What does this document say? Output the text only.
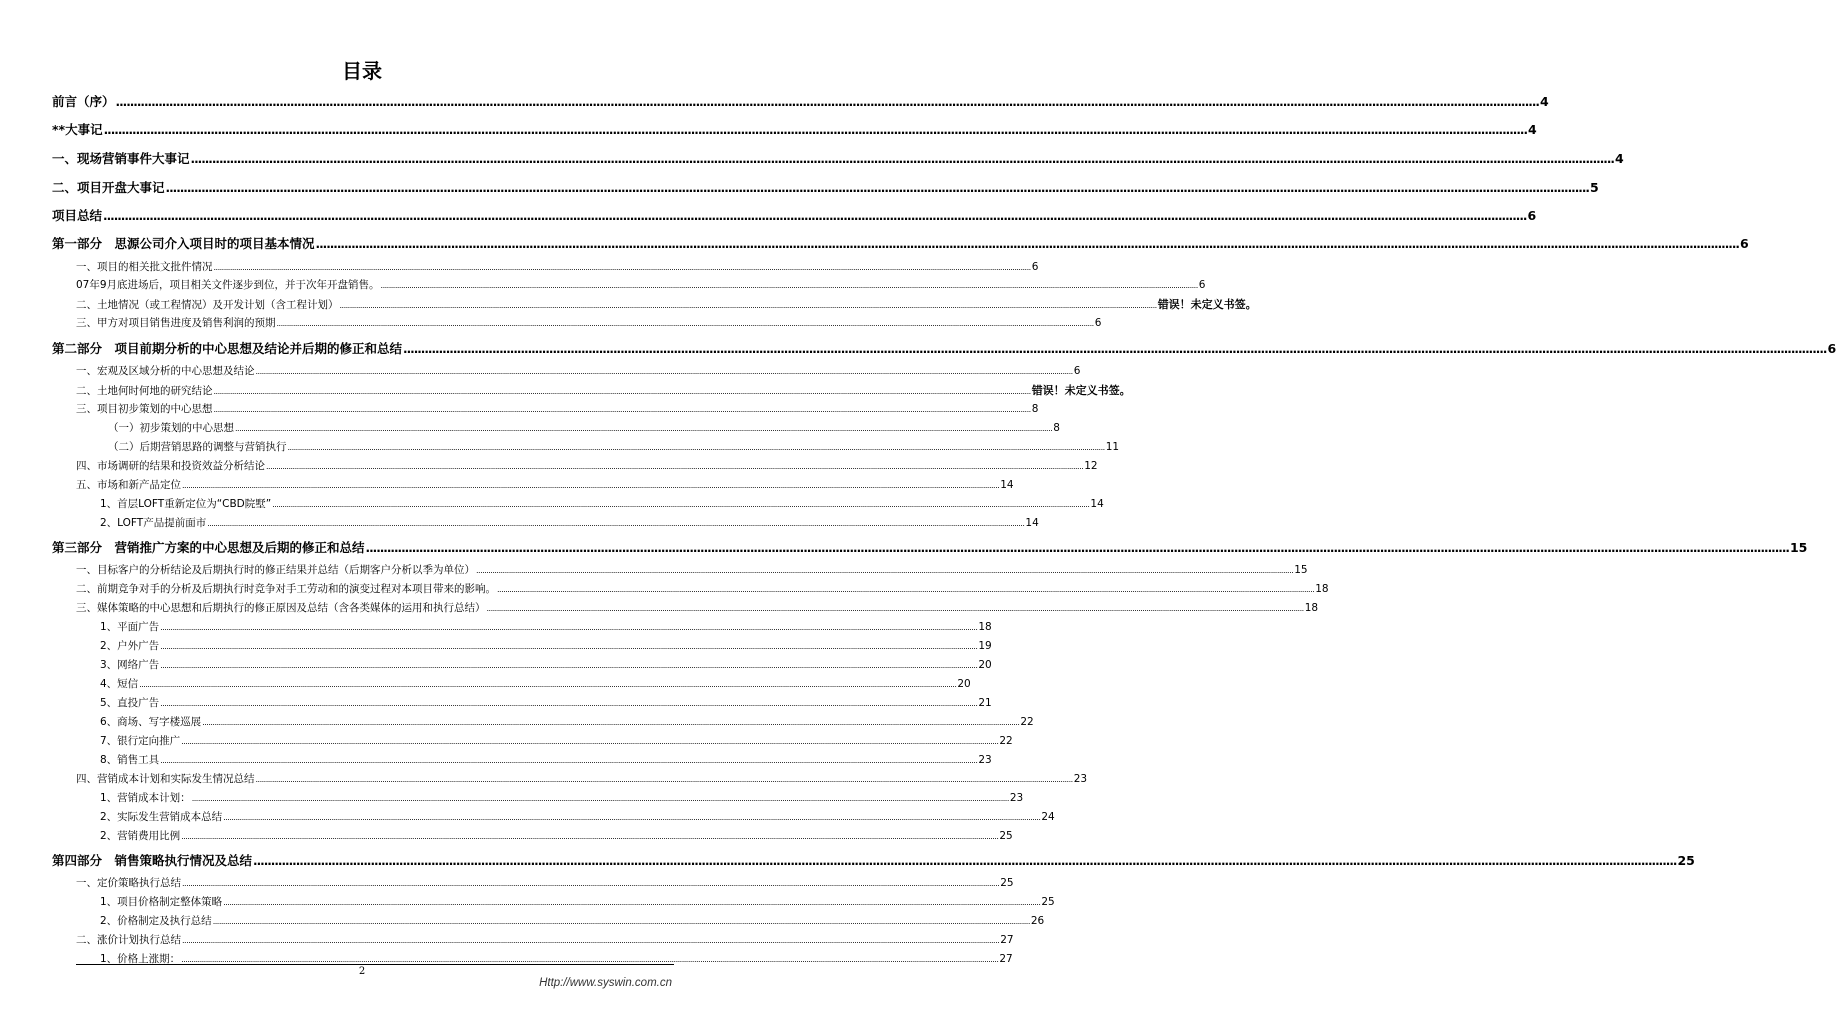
目录
前言（序） ................................................................................................................................................................................................................................................................................................................................................................................................................ 4
**大事记 ................................................................................................................................................................................................................................................................................................................................................................................................................ 4
一、现场营销事件大事记 ................................................................................................................................................................................................................................................................................................................................................................................................................ 4
二、项目开盘大事记 ................................................................................................................................................................................................................................................................................................................................................................................................................ 5
项目总结 ................................................................................................................................................................................................................................................................................................................................................................................................................ 6
第一部分　思源公司介入项目时的项目基本情况 ................................................................................................................................................................................................................................................................................................................................................................................................................ 6
一、项目的相关批文批件情况 ................................................................................................................................................................................................................................................................................................................................................................................................................ 6
07年9月底进场后，项目相关文件逐步到位，并于次年开盘销售。 ................................................................................................................................................................................................................................................................................................................................................................................................................ 6
二、土地情况（或工程情况）及开发计划（含工程计划） ................................................................................................................................................................................................................................................................................................................................................................................................................ 错误！未定义书签。
三、甲方对项目销售进度及销售利润的预期 ................................................................................................................................................................................................................................................................................................................................................................................................................ 6
第二部分　项目前期分析的中心思想及结论并后期的修正和总结 ................................................................................................................................................................................................................................................................................................................................................................................................................ 6
一、宏观及区域分析的中心思想及结论 ................................................................................................................................................................................................................................................................................................................................................................................................................ 6
二、土地何时何地的研究结论 ................................................................................................................................................................................................................................................................................................................................................................................................................ 错误！未定义书签。
三、项目初步策划的中心思想 ................................................................................................................................................................................................................................................................................................................................................................................................................ 8
（一）初步策划的中心思想 ................................................................................................................................................................................................................................................................................................................................................................................................................ 8
（二）后期营销思路的调整与营销执行 ................................................................................................................................................................................................................................................................................................................................................................................................................ 11
四、市场调研的结果和投资效益分析结论 ................................................................................................................................................................................................................................................................................................................................................................................................................ 12
五、市场和新产品定位 ................................................................................................................................................................................................................................................................................................................................................................................................................ 14
1、首层LOFT重新定位为“CBD院墅” ................................................................................................................................................................................................................................................................................................................................................................................................................ 14
2、LOFT产品提前面市 ................................................................................................................................................................................................................................................................................................................................................................................................................ 14
第三部分　营销推广方案的中心思想及后期的修正和总结 ................................................................................................................................................................................................................................................................................................................................................................................................................ 15
一、目标客户的分析结论及后期执行时的修正结果并总结（后期客户分析以季为单位） ................................................................................................................................................................................................................................................................................................................................................................................................................ 15
二、前期竞争对手的分析及后期执行时竞争对手工劳动和的演变过程对本项目带来的影响。 ................................................................................................................................................................................................................................................................................................................................................................................................................ 18
三、媒体策略的中心思想和后期执行的修正原因及总结（含各类媒体的运用和执行总结） ................................................................................................................................................................................................................................................................................................................................................................................................................ 18
1、平面广告 ................................................................................................................................................................................................................................................................................................................................................................................................................ 18
2、户外广告 ................................................................................................................................................................................................................................................................................................................................................................................................................ 19
3、网络广告 ................................................................................................................................................................................................................................................................................................................................................................................................................ 20
4、短信 ................................................................................................................................................................................................................................................................................................................................................................................................................ 20
5、直投广告 ................................................................................................................................................................................................................................................................................................................................................................................................................ 21
6、商场、写字楼巡展 ................................................................................................................................................................................................................................................................................................................................................................................................................ 22
7、银行定向推广 ................................................................................................................................................................................................................................................................................................................................................................................................................ 22
8、销售工具 ................................................................................................................................................................................................................................................................................................................................................................................................................ 23
四、营销成本计划和实际发生情况总结 ................................................................................................................................................................................................................................................................................................................................................................................................................ 23
1、营销成本计划： ................................................................................................................................................................................................................................................................................................................................................................................................................ 23
2、实际发生营销成本总结 ................................................................................................................................................................................................................................................................................................................................................................................................................ 24
2、营销费用比例 ................................................................................................................................................................................................................................................................................................................................................................................................................ 25
第四部分　销售策略执行情况及总结 ................................................................................................................................................................................................................................................................................................................................................................................................................ 25
一、定价策略执行总结 ................................................................................................................................................................................................................................................................................................................................................................................................................ 25
1、项目价格制定整体策略 ................................................................................................................................................................................................................................................................................................................................................................................................................ 25
2、价格制定及执行总结 ................................................................................................................................................................................................................................................................................................................................................................................................................ 26
二、涨价计划执行总结 ................................................................................................................................................................................................................................................................................................................................................................................................................ 27
1、价格上涨期： ................................................................................................................................................................................................................................................................................................................................................................................................................ 27
2
Http://www.syswin.com.cn
